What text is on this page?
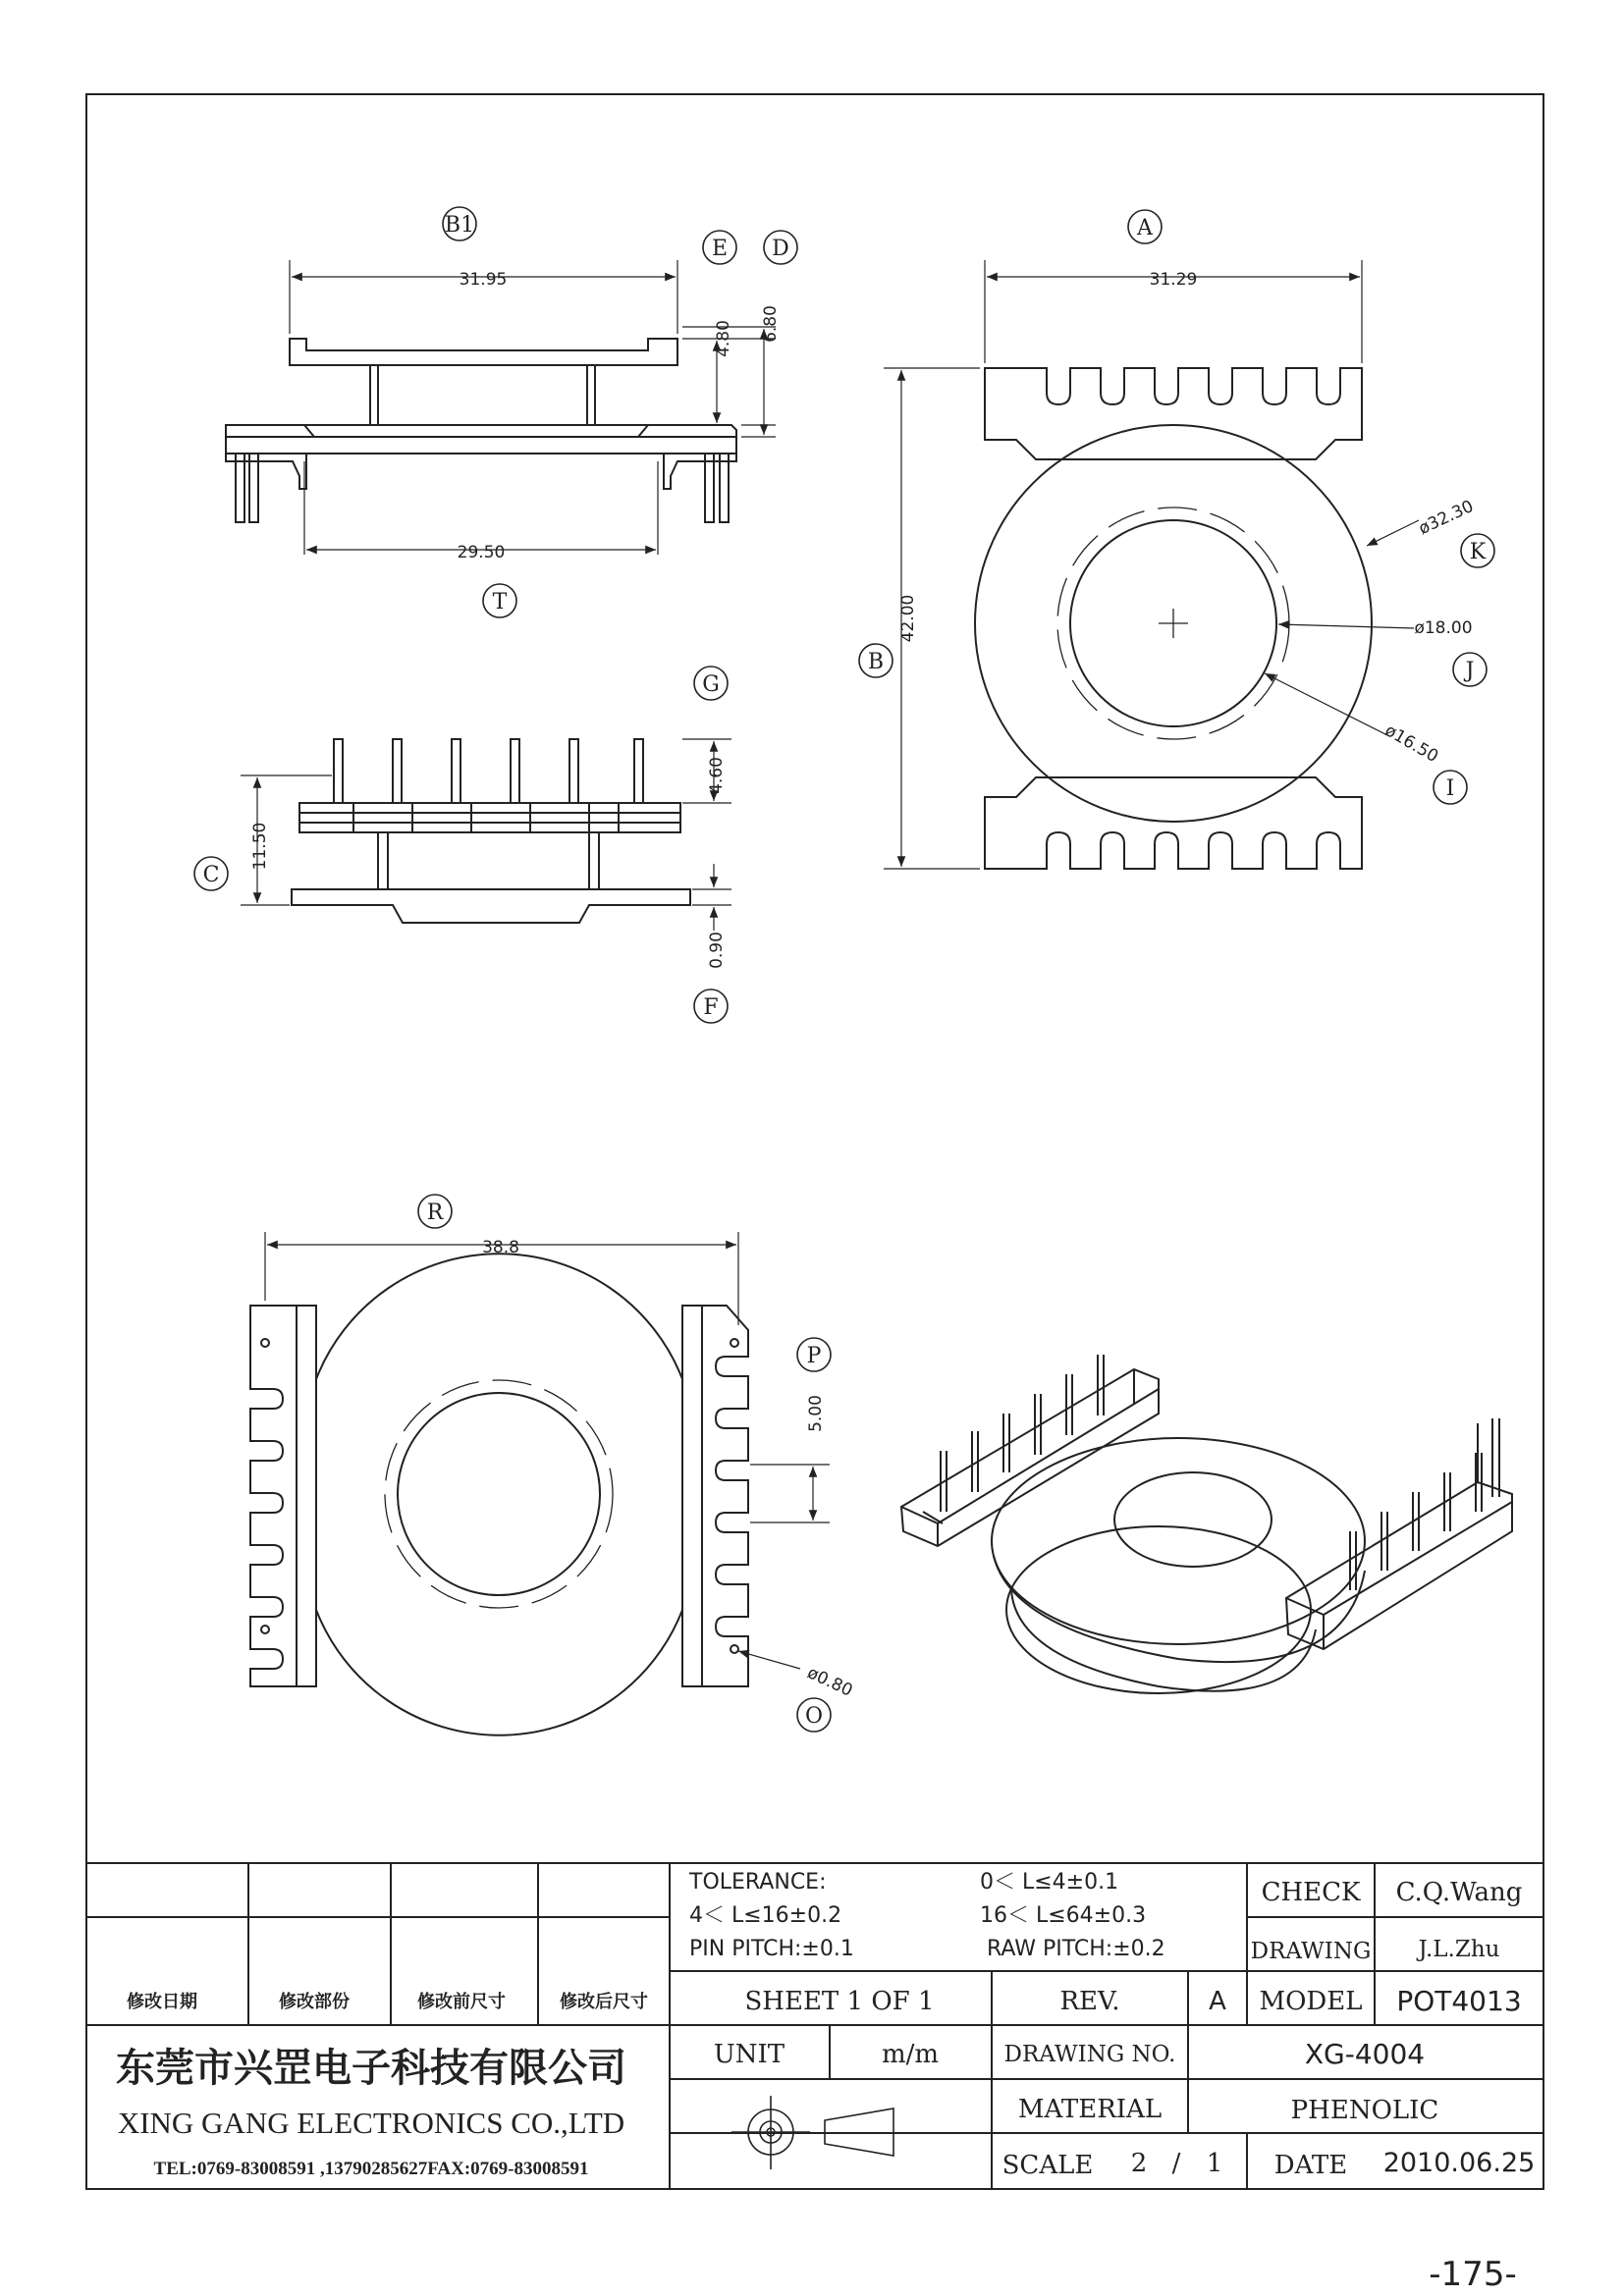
31.95
29.50
4.80 6.80
B1
E D
T
4.60
11.50
0.90
G
C
F
31.29
42.00
ø32.30
ø18.00
ø16.50
A
B
K
J
I
38.8
5.00
ø0.80
R
P
O
修改日期	修改部份	修改前尺寸	修改后尺寸
TOLERANCE:	0＜ L≤4±0.1
4＜ L≤16±0.2	16＜ L≤64±0.3
PIN PITCH:±0.1	RAW PITCH:±0.2
CHECK C.Q.Wang
DRAWING J.L.Zhu
SHEET 1 OF 1	REV.	A MODEL POT4013
东莞市兴罡电子科技有限公司
XING GANG ELECTRONICS CO.,LTD
TEL:0769-83008591 ,13790285627FAX:0769-83008591
UNIT	m/m	DRAWING NO.	XG-4004
MATERIAL	PHENOLIC
SCALE 2 / 1 DATE 2010.06.25
-175-
